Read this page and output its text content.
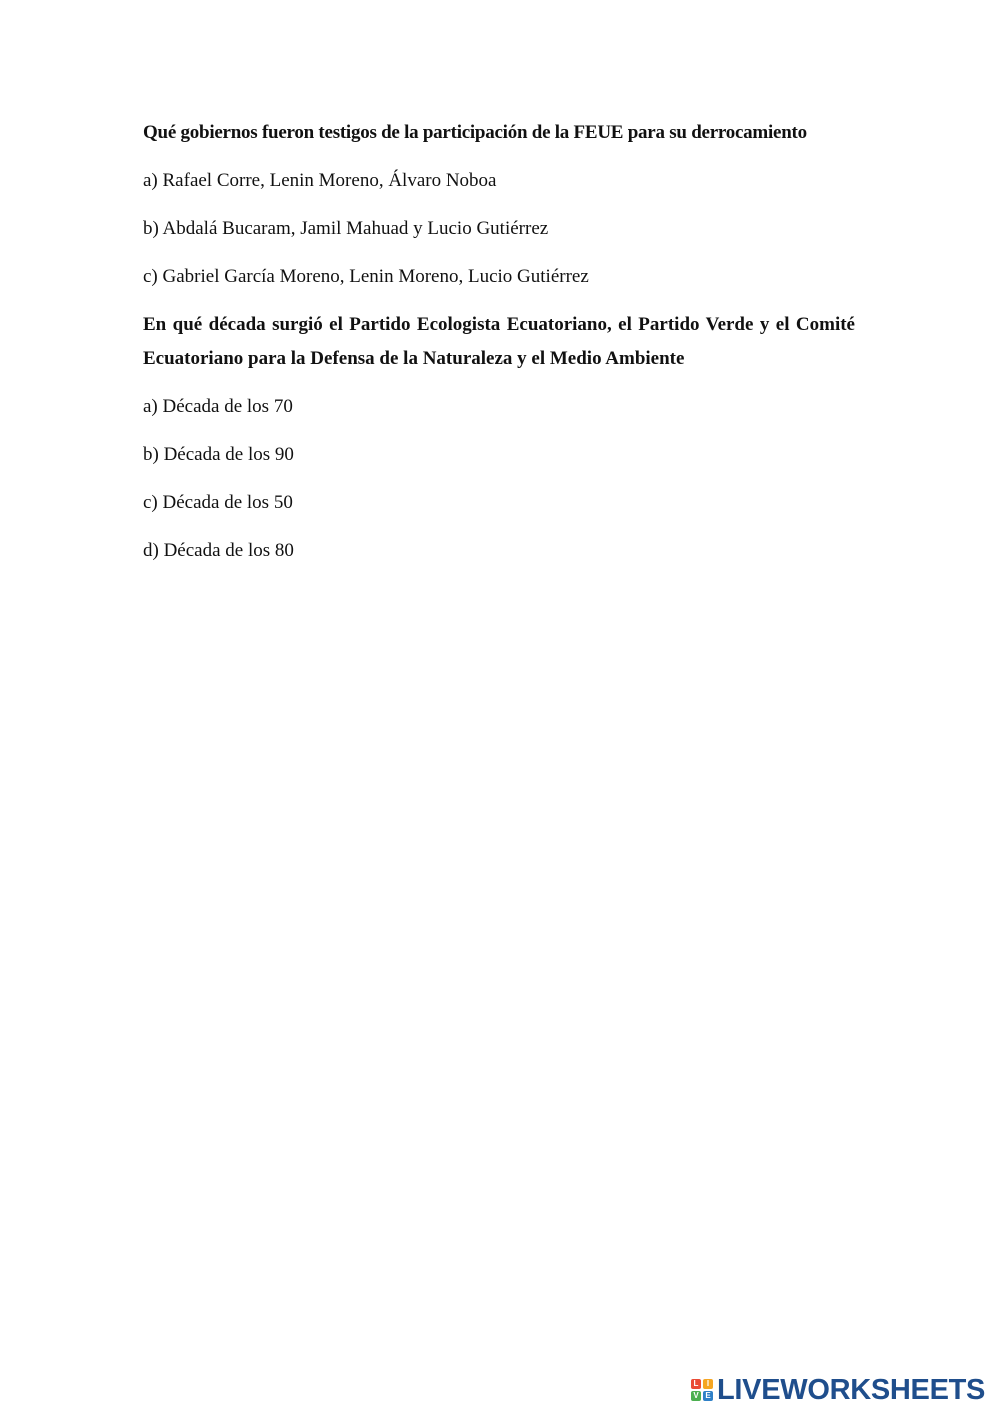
Qué gobiernos fueron testigos de la participación de la FEUE para su derrocamiento

a) Rafael Corre, Lenin Moreno, Álvaro Noboa

b) Abdalá Bucaram, Jamil Mahuad y Lucio Gutiérrez

c) Gabriel García Moreno, Lenin Moreno, Lucio Gutiérrez

En qué década surgió el Partido Ecologista Ecuatoriano, el Partido Verde y el Comité Ecuatoriano para la Defensa de la Naturaleza y el Medio Ambiente

a) Década de los 70

b) Década de los 90

c) Década de los 50

d) Década de los 80

L	I
V E LIVEWORKSHEETS
